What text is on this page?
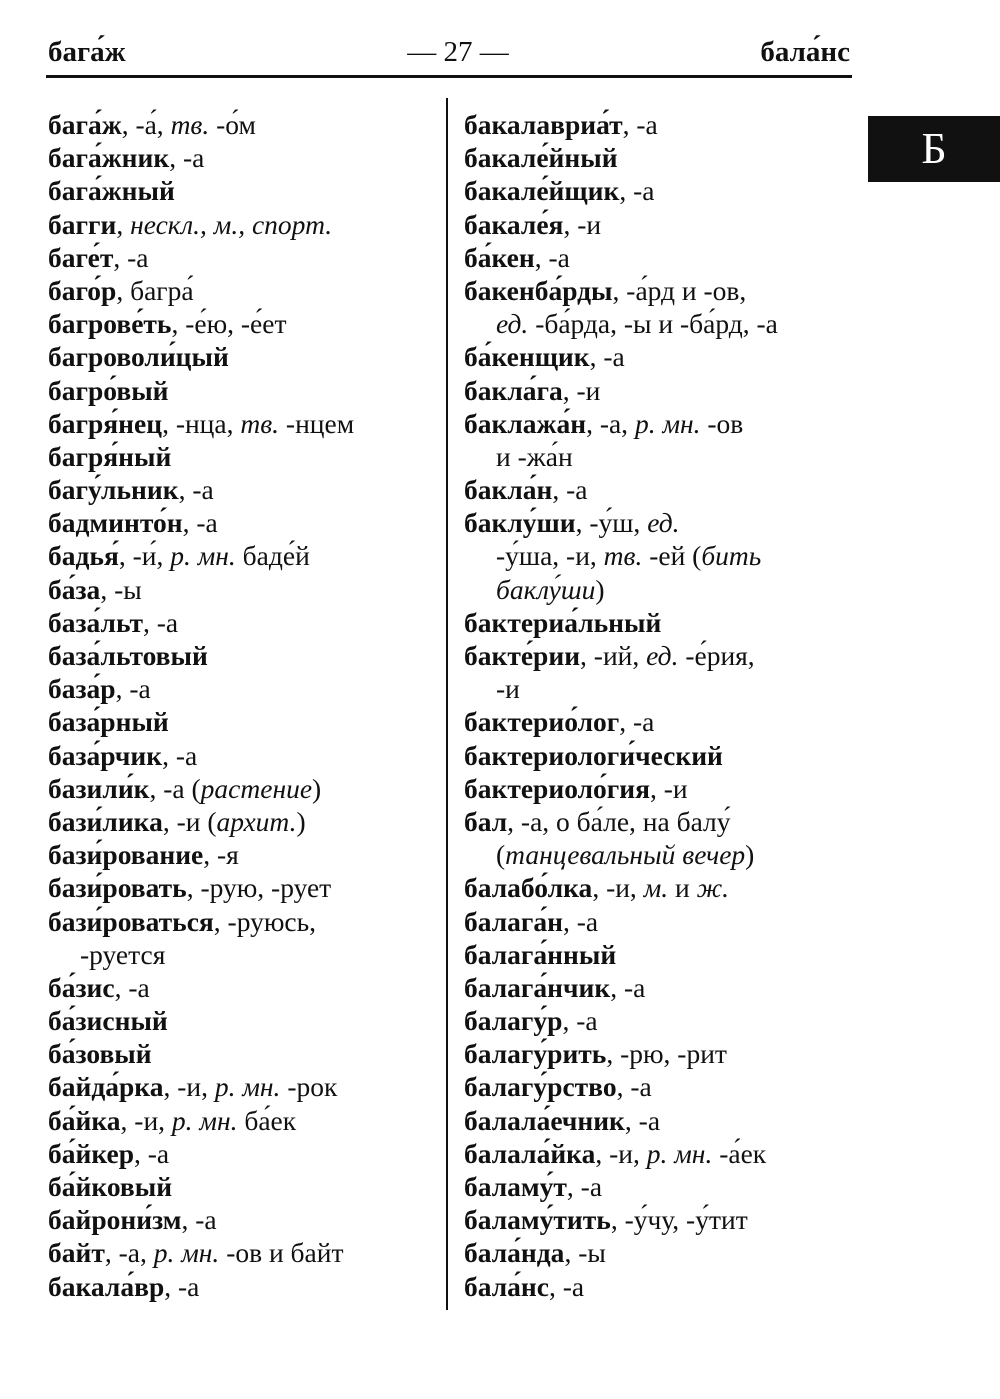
бага́ж	— 27 —	бала́нс
Б
бага́ж, -а́, тв. -о́м
бага́жник, -а
бага́жный
багги, нескл., м., спорт.
баге́т, -а
баго́р, багра́
багрове́ть, -е́ю, -е́ет
багроволи́цый
багро́вый
багря́нец, -нца, тв. -нцем
багря́ный
багу́льник, -а
бадминто́н, -а
бадья́, -и́, р. мн. баде́й
ба́за, -ы
база́льт, -а
база́льтовый
база́р, -а
база́рный
база́рчик, -а
базили́к, -а (растение)
бази́лика, -и (архит.)
бази́рование, -я
бази́ровать, -рую, -рует
бази́роваться, -руюсь,
-руется
ба́зис, -а
ба́зисный
ба́зовый
байда́рка, -и, р. мн. -рок
ба́йка, -и, р. мн. ба́ек
ба́йкер, -а
ба́йковый
байрони́зм, -а
байт, -а, р. мн. -ов и байт
бакала́вр, -а
бакалавриа́т, -а
бакале́йный
бакале́йщик, -а
бакале́я, -и
ба́кен, -а
бакенба́рды, -а́рд и -ов,
ед. -ба́рда, -ы и -ба́рд, -а
ба́кенщик, -а
бакла́га, -и
баклажа́н, -а, р. мн. -ов
и -жа́н
бакла́н, -а
баклу́ши, -у́ш, ед.
-у́ша, -и, тв. -ей (бить
баклу́ши)
бактериа́льный
бакте́рии, -ий, ед. -е́рия,
-и
бактерио́лог, -а
бактериологи́ческий
бактериоло́гия, -и
бал, -а, о ба́ле, на балу́
(танцевальный вечер)
балабо́лка, -и, м. и ж.
балага́н, -а
балага́нный
балага́нчик, -а
балагу́р, -а
балагу́рить, -рю, -рит
балагу́рство, -а
балала́ечник, -а
балала́йка, -и, р. мн. -а́ек
баламу́т, -а
баламу́тить, -у́чу, -у́тит
бала́нда, -ы
бала́нс, -а
